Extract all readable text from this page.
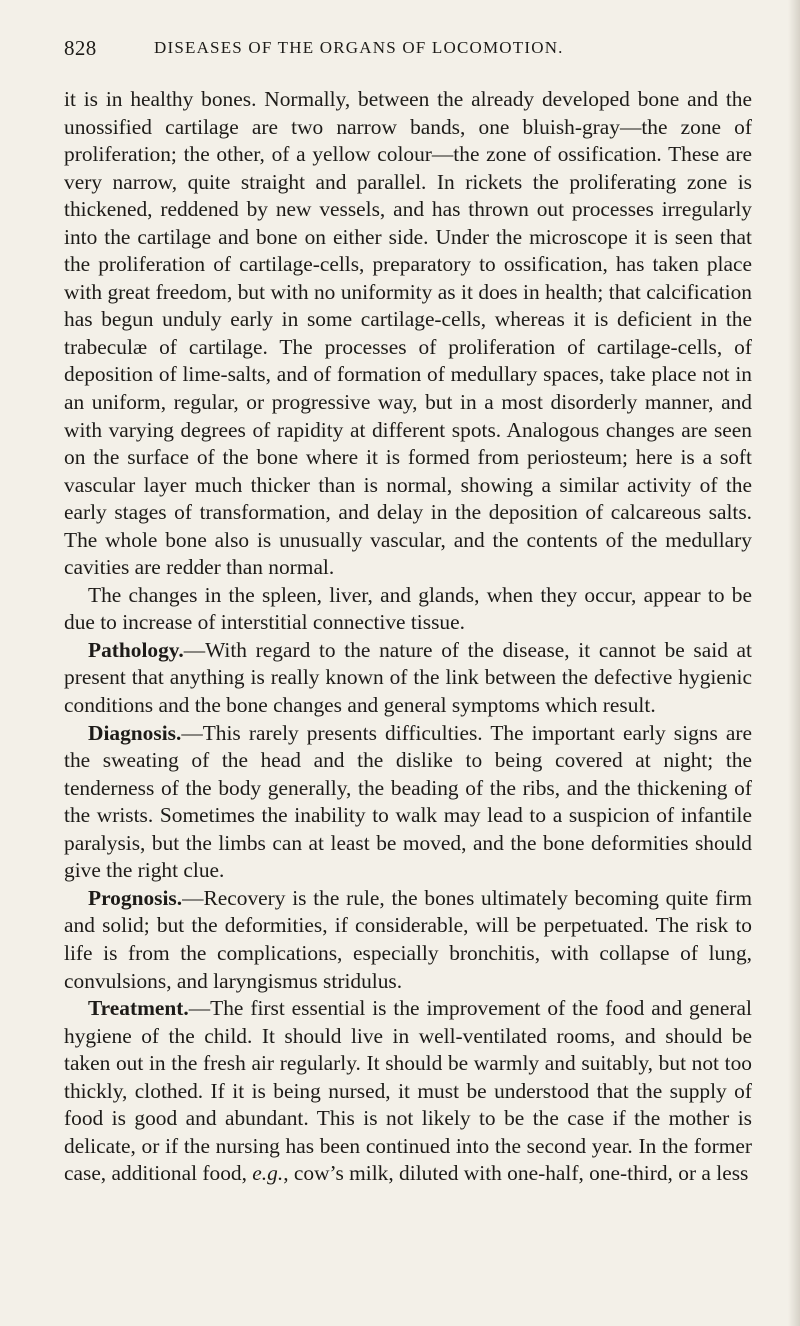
828	DISEASES OF THE ORGANS OF LOCOMOTION.

it is in healthy bones. Normally, between the already developed bone and the unossified cartilage are two narrow bands, one bluish-gray—the zone of proliferation; the other, of a yellow colour—the zone of ossification. These are very narrow, quite straight and parallel. In rickets the proliferating zone is thickened, reddened by new vessels, and has thrown out processes irregularly into the cartilage and bone on either side. Under the microscope it is seen that the proliferation of cartilage-cells, preparatory to ossification, has taken place with great freedom, but with no uniformity as it does in health; that calcification has begun unduly early in some cartilage-cells, whereas it is deficient in the trabeculæ of cartilage. The processes of proliferation of cartilage-cells, of deposition of lime-salts, and of formation of medullary spaces, take place not in an uniform, regular, or progressive way, but in a most disorderly manner, and with varying degrees of rapidity at different spots. Analogous changes are seen on the surface of the bone where it is formed from periosteum; here is a soft vascular layer much thicker than is normal, showing a similar activity of the early stages of transformation, and delay in the deposition of calcareous salts. The whole bone also is unusually vascular, and the contents of the medullary cavities are redder than normal.

The changes in the spleen, liver, and glands, when they occur, appear to be due to increase of interstitial connective tissue.

Pathology.—With regard to the nature of the disease, it cannot be said at present that anything is really known of the link between the defective hygienic conditions and the bone changes and general symptoms which result.

Diagnosis.—This rarely presents difficulties. The important early signs are the sweating of the head and the dislike to being covered at night; the tenderness of the body generally, the beading of the ribs, and the thickening of the wrists. Sometimes the inability to walk may lead to a suspicion of infantile paralysis, but the limbs can at least be moved, and the bone deformities should give the right clue.

Prognosis.—Recovery is the rule, the bones ultimately becoming quite firm and solid; but the deformities, if considerable, will be perpetuated. The risk to life is from the complications, especially bronchitis, with collapse of lung, convulsions, and laryngismus stridulus.

Treatment.—The first essential is the improvement of the food and general hygiene of the child. It should live in well-ventilated rooms, and should be taken out in the fresh air regularly. It should be warmly and suitably, but not too thickly, clothed. If it is being nursed, it must be understood that the supply of food is good and abundant. This is not likely to be the case if the mother is delicate, or if the nursing has been continued into the second year. In the former case, additional food, e.g., cow’s milk, diluted with one-half, one-third, or a less
